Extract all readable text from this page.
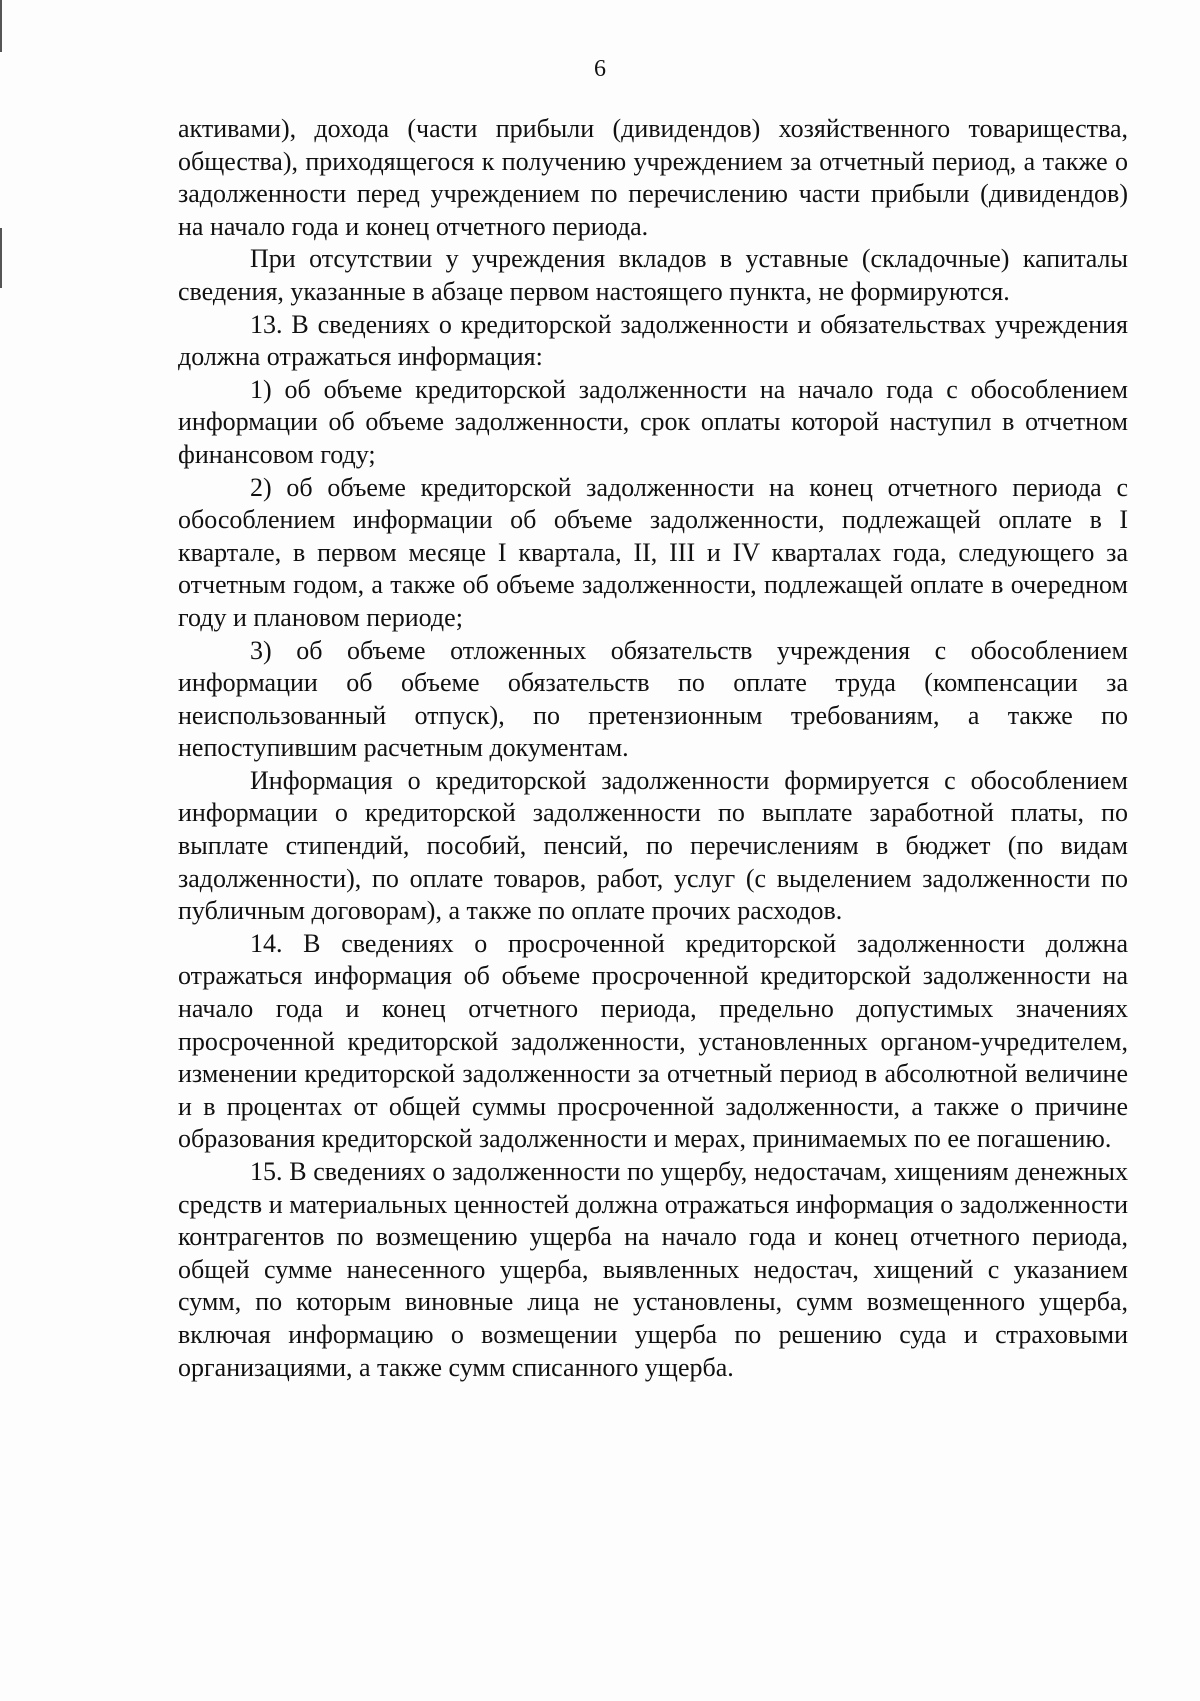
6

активами), дохода (части прибыли (дивидендов) хозяйственного товарищества, общества), приходящегося к получению учреждением за отчетный период, а также о задолженности перед учреждением по перечислению части прибыли (дивидендов) на начало года и конец отчетного периода.

При отсутствии у учреждения вкладов в уставные (складочные) капиталы сведения, указанные в абзаце первом настоящего пункта, не формируются.

13. В сведениях о кредиторской задолженности и обязательствах учреждения должна отражаться информация:

1) об объеме кредиторской задолженности на начало года с обособлением информации об объеме задолженности, срок оплаты которой наступил в отчетном финансовом году;

2) об объеме кредиторской задолженности на конец отчетного периода с обособлением информации об объеме задолженности, подлежащей оплате в I квартале, в первом месяце I квартала, II, III и IV кварталах года, следующего за отчетным годом, а также об объеме задолженности, подлежащей оплате в очередном году и плановом периоде;

3) об объеме отложенных обязательств учреждения с обособлением информации об объеме обязательств по оплате труда (компенсации за неиспользованный отпуск), по претензионным требованиям, а также по непоступившим расчетным документам.

Информация о кредиторской задолженности формируется с обособлением информации о кредиторской задолженности по выплате заработной платы, по выплате стипендий, пособий, пенсий, по перечислениям в бюджет (по видам задолженности), по оплате товаров, работ, услуг (с выделением задолженности по публичным договорам), а также по оплате прочих расходов.

14. В сведениях о просроченной кредиторской задолженности должна отражаться информация об объеме просроченной кредиторской задолженности на начало года и конец отчетного периода, предельно допустимых значениях просроченной кредиторской задолженности, установленных органом-учредителем, изменении кредиторской задолженности за отчетный период в абсолютной величине и в процентах от общей суммы просроченной задолженности, а также о причине образования кредиторской задолженности и мерах, принимаемых по ее погашению.

15. В сведениях о задолженности по ущербу, недостачам, хищениям денежных средств и материальных ценностей должна отражаться информация о задолженности контрагентов по возмещению ущерба на начало года и конец отчетного периода, общей сумме нанесенного ущерба, выявленных недостач, хищений с указанием сумм, по которым виновные лица не установлены, сумм возмещенного ущерба, включая информацию о возмещении ущерба по решению суда и страховыми организациями, а также сумм списанного ущерба.
